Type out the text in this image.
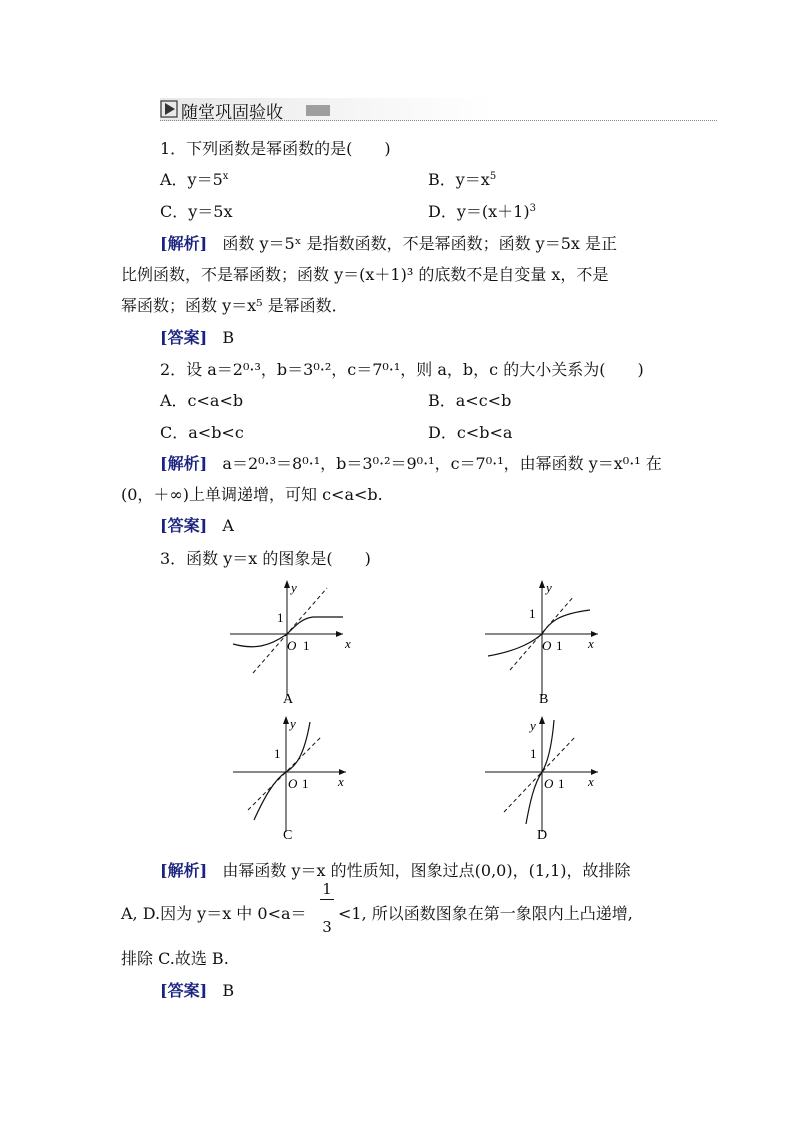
随堂巩固验收
1．下列函数是幂函数的是(　　)
A．$y=5^x$	B．$y=x^5$
C．y＝5x	D．$y=(x+1)^3$
[解析] 函数 y＝5ˣ 是指数函数，不是幂函数；函数 y＝5x 是正
比例函数，不是幂函数；函数 y＝(x＋1)³ 的底数不是自变量 x，不是
幂函数；函数 y＝x⁵ 是幂函数．
[答案] B
2．设 a＝2⁰·³，b＝3⁰·²，c＝7⁰·¹，则 a，b，c 的大小关系为(　　)
A．c<a<b	B．a<c<b
C．a<b<c	D．c<b<a
[解析] a＝2⁰·³＝8⁰·¹，b＝3⁰·²＝9⁰·¹，c＝7⁰·¹，由幂函数 y＝x⁰·¹ 在
(0，＋∞)上单调递增，可知 c<a<b.
[答案] A
3．函数 y＝x 的图象是(　　)
y
x
O 1
1
A
y
x
O 1
1
B
y
x
O 1
1
C
y
x
O 1
1
D
[解析] 由幂函数 y＝x 的性质知，图象过点(0,0)，(1,1)，故排除
A, D.因为 y＝x 中 0<a＝
1
3
<1, 所以函数图象在第一象限内上凸递增,
排除 C.故选 B.
[答案] B
